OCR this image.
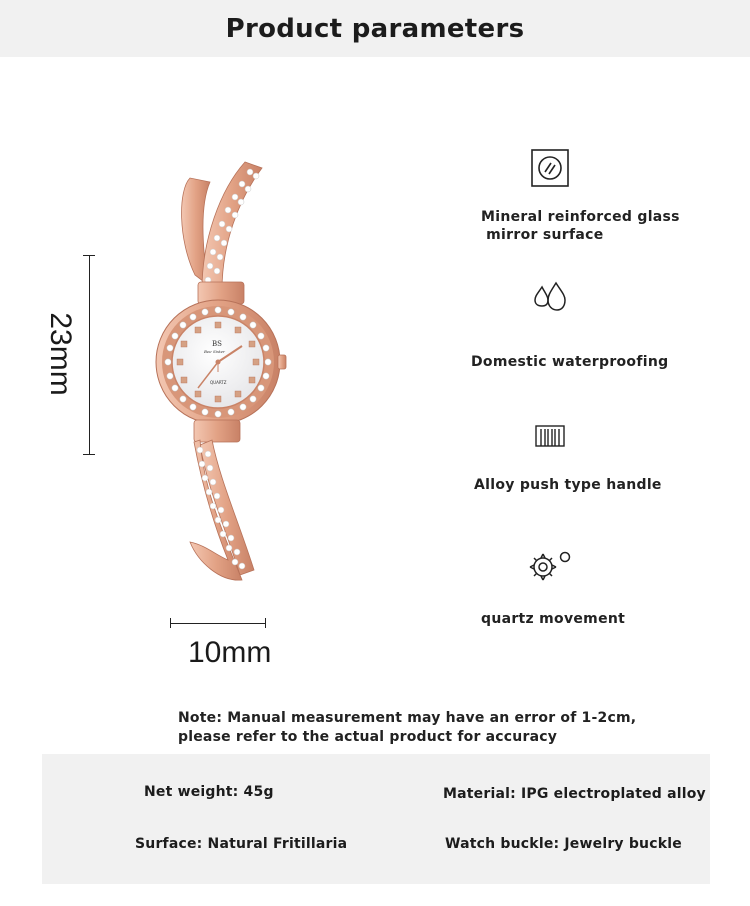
Product parameters
BS
Bee Sister
QUARTZ
23mm
10mm
Mineral reinforced glass
mirror surface
Domestic waterproofing
Alloy push type handle
quartz movement
Note: Manual measurement may have an error of 1-2cm,
please refer to the actual product for accuracy
Net weight: 45g	Material: IPG electroplated alloy
Surface: Natural Fritillaria	Watch buckle: Jewelry buckle
